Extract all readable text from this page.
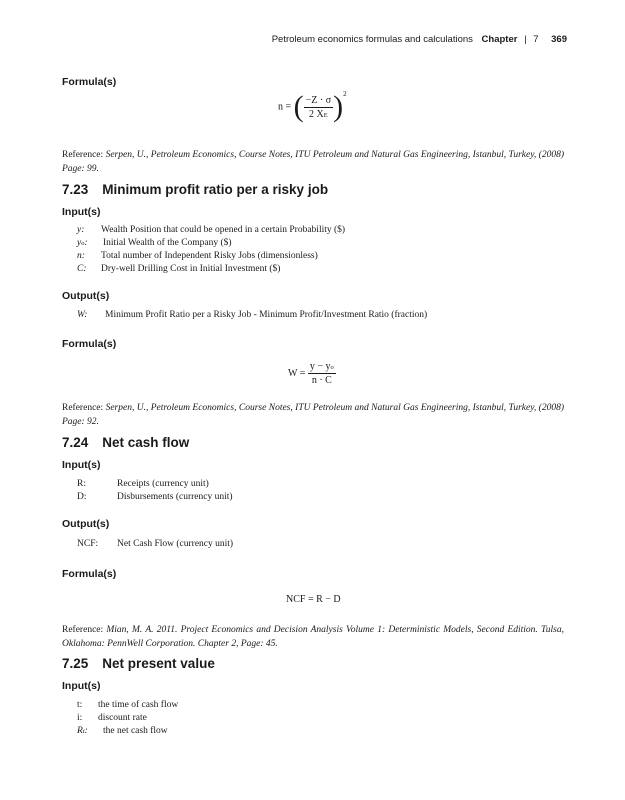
Petroleum economics formulas and calculations Chapter | 7 369
Formula(s)
n = ( $\frac{-Z \cdot \sigma}{2 XE} )^2$
Reference: Serpen, U., Petroleum Economics, Course Notes, ITU Petroleum and Natural Gas Engineering, Istanbul, Turkey, (2008) Page: 99.
7.23 Minimum profit ratio per a risky job
Input(s)
y:	Wealth Position that could be opened in a certain Probability ($)
yo:	Initial Wealth of the Company ($)
n:	Total number of Independent Risky Jobs (dimensionless)
C:	Dry-well Drilling Cost in Initial Investment ($)
Output(s)
W:	Minimum Profit Ratio per a Risky Job - Minimum Profit/Investment Ratio (fraction)
Formula(s)
$W = \frac{y - yo}{n \cdot C}$
Reference: Serpen, U., Petroleum Economics, Course Notes, ITU Petroleum and Natural Gas Engineering, Istanbul, Turkey, (2008) Page: 92.
7.24 Net cash flow
Input(s)
R:	Receipts (currency unit)
D:	Disbursements (currency unit)
Output(s)
NCF:	Net Cash Flow (currency unit)
Formula(s)
NCF = R − D
Reference: Mian, M. A. 2011. Project Economics and Decision Analysis Volume 1: Deterministic Models, Second Edition. Tulsa, Oklahoma: PennWell Corporation. Chapter 2, Page: 45.
7.25 Net present value
Input(s)
t:	the time of cash flow
i:	discount rate
Rt:	the net cash flow
